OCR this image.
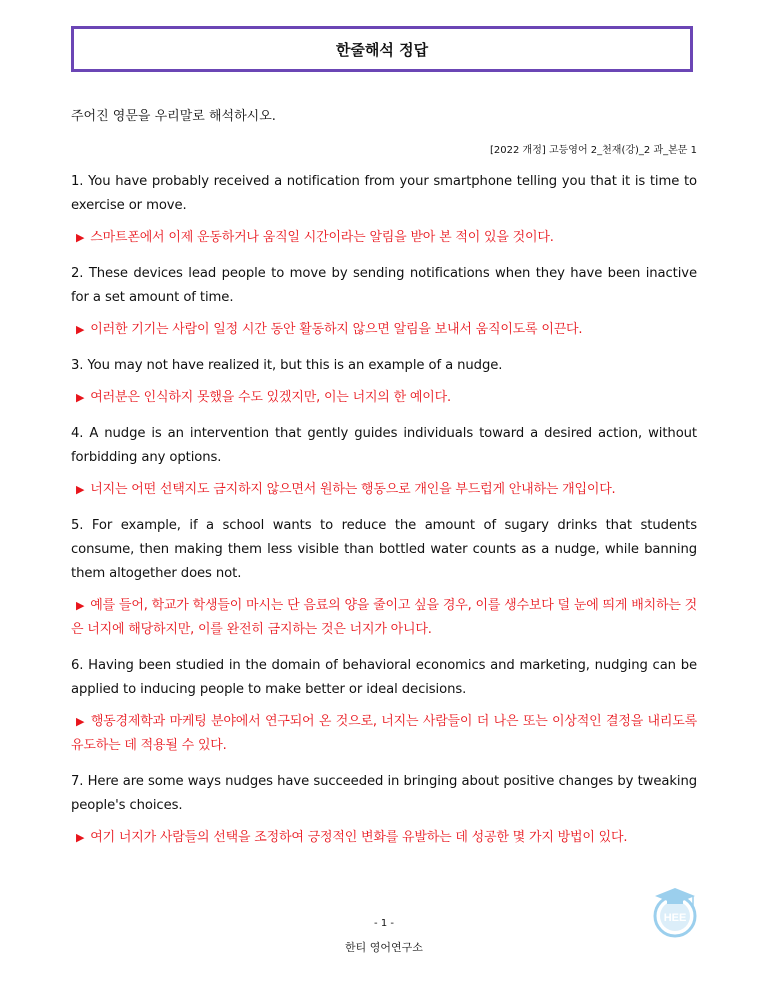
한줄해석 정답
주어진 영문을 우리말로 해석하시오.
[2022 개정] 고등영어 2_천재(강)_2 과_본문 1

1. You have probably received a notification from your smartphone telling you that it is time to exercise or move.

▶ 스마트폰에서 이제 운동하거나 움직일 시간이라는 알림을 받아 본 적이 있을 것이다.

2. These devices lead people to move by sending notifications when they have been inactive for a set amount of time.

▶ 이러한 기기는 사람이 일정 시간 동안 활동하지 않으면 알림을 보내서 움직이도록 이끈다.

3. You may not have realized it, but this is an example of a nudge.

▶ 여러분은 인식하지 못했을 수도 있겠지만, 이는 너지의 한 예이다.

4. A nudge is an intervention that gently guides individuals toward a desired action, without forbidding any options.

▶ 너지는 어떤 선택지도 금지하지 않으면서 원하는 행동으로 개인을 부드럽게 안내하는 개입이다.

5. For example, if a school wants to reduce the amount of sugary drinks that students consume, then making them less visible than bottled water counts as a nudge, while banning them altogether does not.

▶ 예를 들어, 학교가 학생들이 마시는 단 음료의 양을 줄이고 싶을 경우, 이를 생수보다 덜 눈에 띄게 배치하는 것은 너지에 해당하지만, 이를 완전히 금지하는 것은 너지가 아니다.

6. Having been studied in the domain of behavioral economics and marketing, nudging can be applied to inducing people to make better or ideal decisions.

▶ 행동경제학과 마케팅 분야에서 연구되어 온 것으로, 너지는 사람들이 더 나은 또는 이상적인 결정을 내리도록 유도하는 데 적용될 수 있다.

7. Here are some ways nudges have succeeded in bringing about positive changes by tweaking people's choices.

▶ 여기 너지가 사람들의 선택을 조정하여 긍정적인 변화를 유발하는 데 성공한 몇 가지 방법이 있다.

HEE
- 1 -
한티 영어연구소
